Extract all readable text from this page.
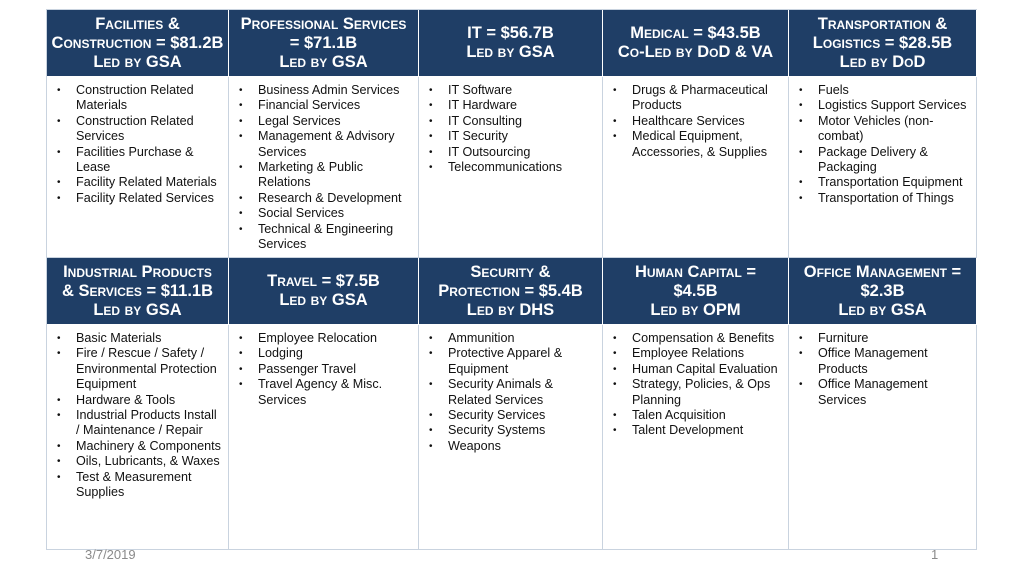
Facilities &
Construction = $81.2B
Led by GSA
Professional Services
= $71.1B
Led by GSA
IT = $56.7B
Led by GSA
Medical = $43.5B
Co-Led by DoD & VA
Transportation &
Logistics = $28.5B
Led by DoD
• Construction Related Materials
• Construction Related Services
• Facilities Purchase & Lease
• Facility Related Materials
• Facility Related Services
• Business Admin Services
• Financial Services
• Legal Services
• Management & Advisory Services
• Marketing & Public Relations
• Research & Development
• Social Services
• Technical & Engineering Services
• IT Software
• IT Hardware
• IT Consulting
• IT Security
• IT Outsourcing
• Telecommunications
• Drugs & Pharmaceutical Products
• Healthcare Services
• Medical Equipment, Accessories, & Supplies
• Fuels
• Logistics Support Services
• Motor Vehicles (non-combat)
• Package Delivery & Packaging
• Transportation Equipment
• Transportation of Things
Industrial Products
& Services = $11.1B
Led by GSA
Travel = $7.5B
Led by GSA
Security &
Protection = $5.4B
Led by DHS
Human Capital =
$4.5B
Led by OPM
Office Management =
$2.3B
Led by GSA
• Basic Materials
• Fire / Rescue / Safety / Environmental Protection Equipment
• Hardware & Tools
• Industrial Products Install / Maintenance / Repair
• Machinery & Components
• Oils, Lubricants, & Waxes
• Test & Measurement Supplies
• Employee Relocation
• Lodging
• Passenger Travel
• Travel Agency & Misc. Services
• Ammunition
• Protective Apparel & Equipment
• Security Animals & Related Services
• Security Services
• Security Systems
• Weapons
• Compensation & Benefits
• Employee Relations
• Human Capital Evaluation
• Strategy, Policies, & Ops Planning
• Talen Acquisition
• Talent Development
• Furniture
• Office Management Products
• Office Management Services
3/7/2019	1
